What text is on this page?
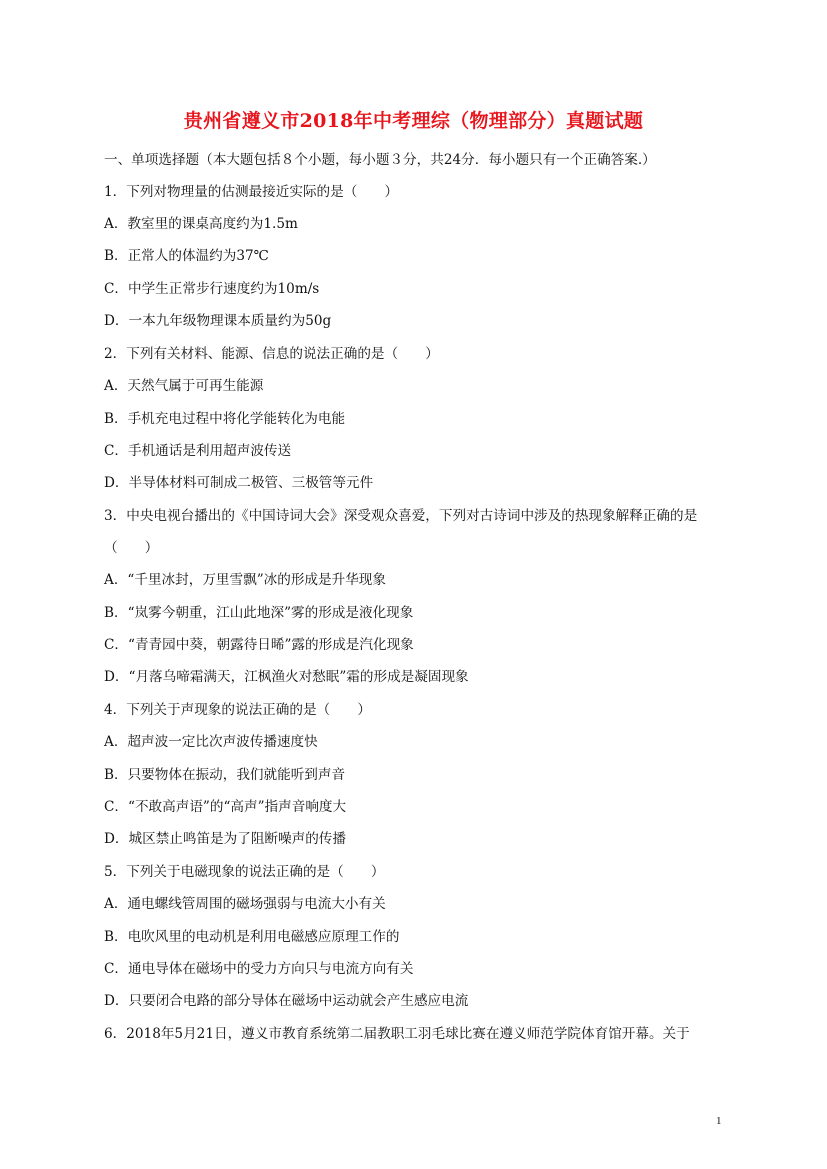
贵州省遵义市2018年中考理综（物理部分）真题试题
一、单项选择题（本大题包括８个小题，每小题３分，共24分．每小题只有一个正确答案.）
1．下列对物理量的估测最接近实际的是（　　）
A．教室里的课桌高度约为1.5m
B．正常人的体温约为37℃
C．中学生正常步行速度约为10m/s
D．一本九年级物理课本质量约为50g
2．下列有关材料、能源、信息的说法正确的是（　　）
A．天然气属于可再生能源
B．手机充电过程中将化学能转化为电能
C．手机通话是利用超声波传送
D．半导体材料可制成二极管、三极管等元件
3．中央电视台播出的《中国诗词大会》深受观众喜爱，下列对古诗词中涉及的热现象解释正确的是
（　　）
A．“千里冰封，万里雪飘”冰的形成是升华现象
B．“岚雾今朝重，江山此地深”雾的形成是液化现象
C．“青青园中葵，朝露待日晞”露的形成是汽化现象
D．“月落乌啼霜满天，江枫渔火对愁眠”霜的形成是凝固现象
4．下列关于声现象的说法正确的是（　　）
A．超声波一定比次声波传播速度快
B．只要物体在振动，我们就能听到声音
C．“不敢高声语”的“高声”指声音响度大
D．城区禁止鸣笛是为了阻断噪声的传播
5．下列关于电磁现象的说法正确的是（　　）
A．通电螺线管周围的磁场强弱与电流大小有关
B．电吹风里的电动机是利用电磁感应原理工作的
C．通电导体在磁场中的受力方向只与电流方向有关
D．只要闭合电路的部分导体在磁场中运动就会产生感应电流
6．2018年5月21日，遵义市教育系统第二届教职工羽毛球比赛在遵义师范学院体育馆开幕。关于
1
